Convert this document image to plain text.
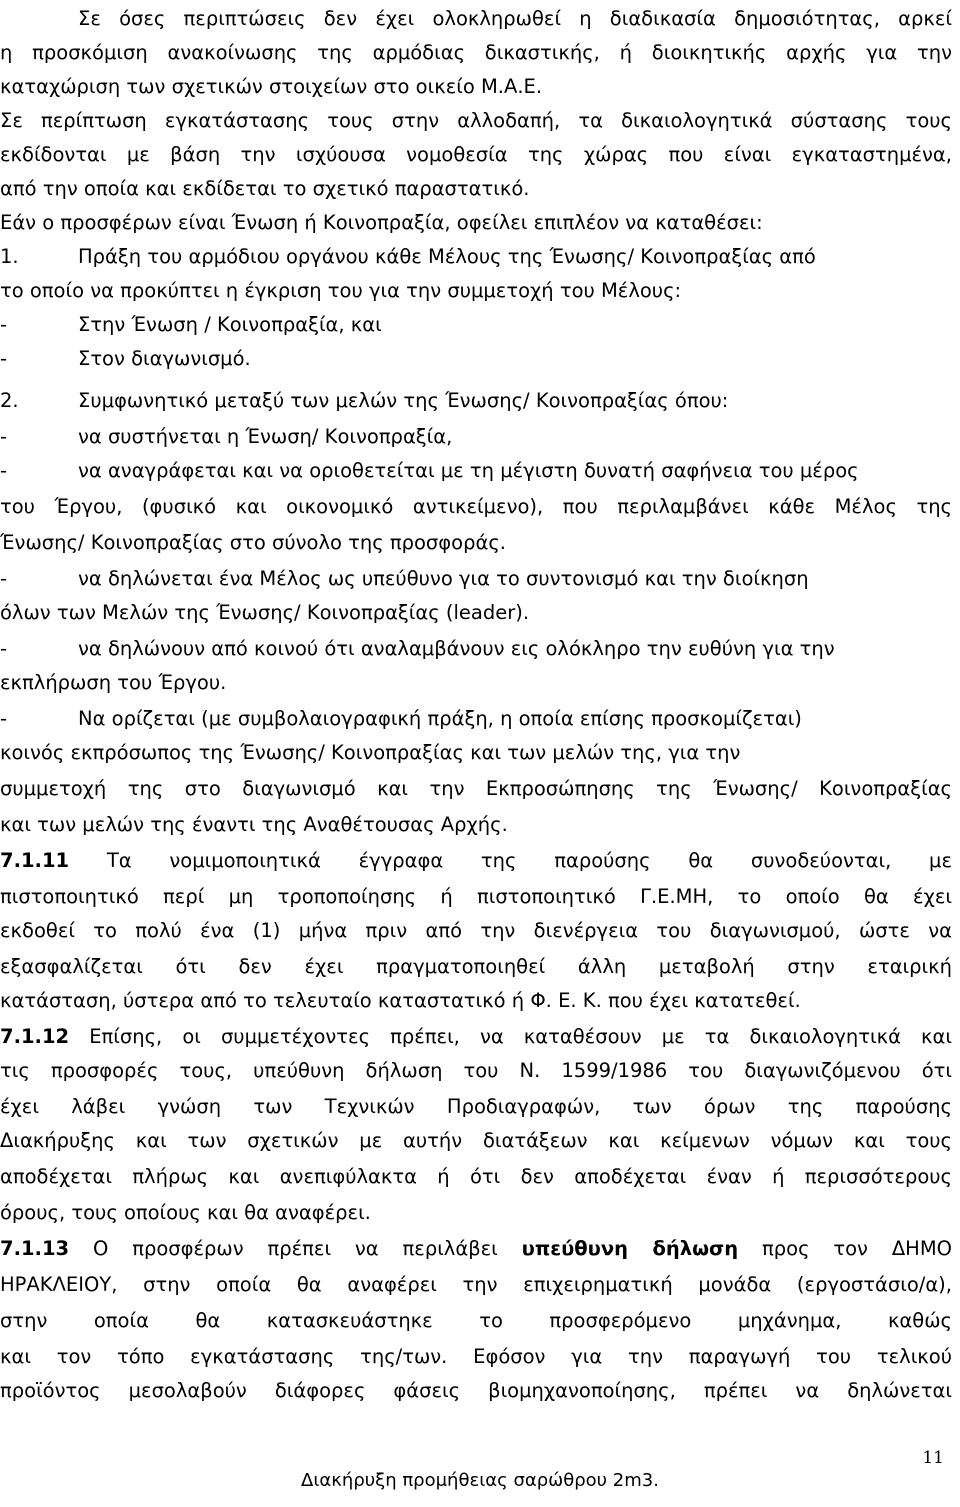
Σε όσες περιπτώσεις δεν έχει ολοκληρωθεί η διαδικασία δημοσιότητας, αρκεί
η προσκόμιση ανακοίνωσης της αρμόδιας δικαστικής, ή διοικητικής αρχής για την
καταχώριση των σχετικών στοιχείων στο οικείο Μ.Α.Ε.
Σε περίπτωση εγκατάστασης τους στην αλλοδαπή, τα δικαιολογητικά σύστασης τους
εκδίδονται με βάση την ισχύουσα νομοθεσία της χώρας που είναι εγκαταστημένα,
από την οποία και εκδίδεται το σχετικό παραστατικό.
Εάν ο προσφέρων είναι Ένωση ή Κοινοπραξία, οφείλει επιπλέον να καταθέσει:
1.	Πράξη του αρμόδιου οργάνου κάθε Μέλους της Ένωσης/ Κοινοπραξίας από
το οποίο να προκύπτει η έγκριση του για την συμμετοχή του Μέλους:
-	Στην Ένωση / Κοινοπραξία, και
-	Στον διαγωνισμό.
2.	Συμφωνητικό μεταξύ των μελών της Ένωσης/ Κοινοπραξίας όπου:
-	να συστήνεται η Ένωση/ Κοινοπραξία,
-	να αναγράφεται και να οριοθετείται με τη μέγιστη δυνατή σαφήνεια του μέρος
του Έργου, (φυσικό και οικονομικό αντικείμενο), που περιλαμβάνει κάθε Μέλος της
Ένωσης/ Κοινοπραξίας στο σύνολο της προσφοράς.
-	να δηλώνεται ένα Μέλος ως υπεύθυνο για το συντονισμό και την διοίκηση
όλων των Μελών της Ένωσης/ Κοινοπραξίας (leader).
-	να δηλώνουν από κοινού ότι αναλαμβάνουν εις ολόκληρο την ευθύνη για την
εκπλήρωση του Έργου.
-	Να ορίζεται (με συμβολαιογραφική πράξη, η οποία επίσης προσκομίζεται)
κοινός εκπρόσωπος της Ένωσης/ Κοινοπραξίας και των μελών της, για την
συμμετοχή της στο διαγωνισμό και την Εκπροσώπησης της Ένωσης/ Κοινοπραξίας
και των μελών της έναντι της Αναθέτουσας Αρχής.
7.1.11 Τα νομιμοποιητικά έγγραφα της παρούσης θα συνοδεύονται, με
πιστοποιητικό περί μη τροποποίησης ή πιστοποιητικό Γ.Ε.ΜΗ, το οποίο θα έχει
εκδοθεί το πολύ ένα (1) μήνα πριν από την διενέργεια του διαγωνισμού, ώστε να
εξασφαλίζεται ότι δεν έχει πραγματοποιηθεί άλλη μεταβολή στην εταιρική
κατάσταση, ύστερα από το τελευταίο καταστατικό ή Φ. Ε. Κ. που έχει κατατεθεί.
7.1.12 Επίσης, οι συμμετέχοντες πρέπει, να καταθέσουν με τα δικαιολογητικά και
τις προσφορές τους, υπεύθυνη δήλωση του Ν. 1599/1986 του διαγωνιζόμενου ότι
έχει λάβει γνώση των Τεχνικών Προδιαγραφών, των όρων της παρούσης
Διακήρυξης και των σχετικών με αυτήν διατάξεων και κείμενων νόμων και τους
αποδέχεται πλήρως και ανεπιφύλακτα ή ότι δεν αποδέχεται έναν ή περισσότερους
όρους, τους οποίους και θα αναφέρει.
7.1.13 Ο προσφέρων πρέπει να περιλάβει υπεύθυνη δήλωση προς τον ΔΗΜΟ
ΗΡΑΚΛΕΙΟΥ, στην οποία θα αναφέρει την επιχειρηματική μονάδα (εργοστάσιο/α),
στην οποία θα κατασκευάστηκε το προσφερόμενο μηχάνημα, καθώς
και τον τόπο εγκατάστασης της/των. Εφόσον για την παραγωγή του τελικού
προϊόντος μεσολαβούν διάφορες φάσεις βιομηχανοποίησης, πρέπει να δηλώνεται
11
Διακήρυξη προμήθειας σαρώθρου 2m3.
